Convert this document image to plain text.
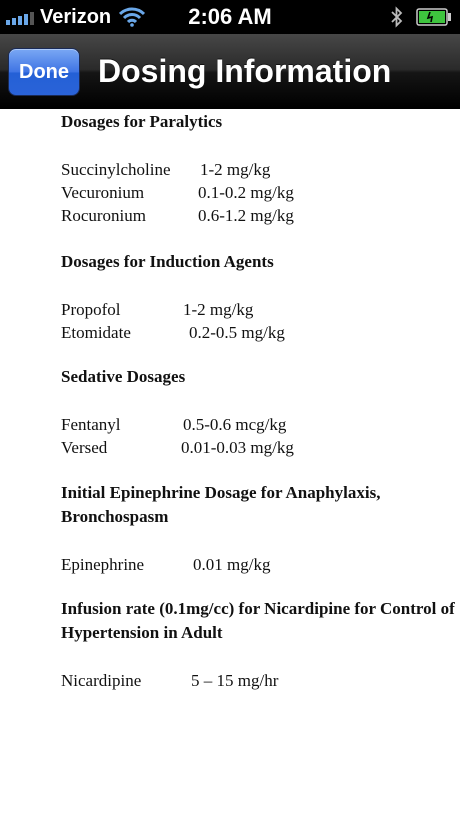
Verizon	2:06 AM
Done Dosing Information
Dosages for Paralytics
Succinylcholine 1-2 mg/kg
Vecuronium	0.1-0.2 mg/kg
Rocuronium	0.6-1.2 mg/kg
Dosages for Induction Agents
Propofol	1-2 mg/kg
Etomidate	0.2-0.5 mg/kg
Sedative Dosages
Fentanyl	0.5-0.6 mcg/kg
Versed	0.01-0.03 mg/kg
Initial Epinephrine Dosage for Anaphylaxis,
Bronchospasm
Epinephrine	0.01 mg/kg
Infusion rate (0.1mg/cc) for Nicardipine for Control of
Hypertension in Adult
Nicardipine	5 – 15 mg/hr
